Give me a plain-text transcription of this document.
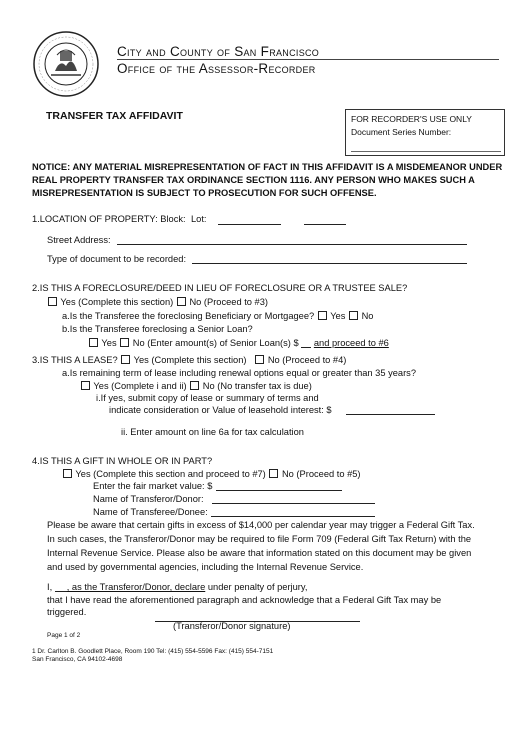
City and County of San Francisco
Office of the Assessor-Recorder
TRANSFER TAX AFFIDAVIT	FOR RECORDER'S USE ONLY
Document Series Number:
NOTICE: ANY MATERIAL MISREPRESENTATION OF FACT IN THIS AFFIDAVIT IS A MISDEMEANOR UNDER
REAL PROPERTY TRANSFER TAX ORDINANCE SECTION 1116. ANY PERSON WHO MAKES SUCH A
MISREPRESENTATION IS SUBJECT TO PROSECUTION FOR SUCH OFFENSE.
1.LOCATION OF PROPERTY: Block: Lot:
Street Address:
Type of document to be recorded:
2.IS THIS A FORECLOSURE/DEED IN LIEU OF FORECLOSURE OR A TRUSTEE SALE?
Yes (Complete this section) No (Proceed to #3)
a.Is the Transferee the foreclosing Beneficiary or Mortgagee? Yes No
b.Is the Transferee foreclosing a Senior Loan?
Yes No (Enter amount(s) of Senior Loan(s) $ and proceed to #6
3.IS THIS A LEASE? Yes (Complete this section) No (Proceed to #4)
a.Is remaining term of lease including renewal options equal or greater than 35 years?
Yes (Complete i and ii) No (No transfer tax is due)
i.If yes, submit copy of lease or summary of terms and
indicate consideration or Value of leasehold interest: $
ii. Enter amount on line 6a for tax calculation
4.IS THIS A GIFT IN WHOLE OR IN PART?
Yes (Complete this section and proceed to #7) No (Proceed to #5)
Enter the fair market value: $
Name of Transferor/Donor:
Name of Transferee/Donee:
Please be aware that certain gifts in excess of $14,000 per calendar year may trigger a Federal Gift Tax.
In such cases, the Transferor/Donor may be required to file Form 709 (Federal Gift Tax Return) with the
Internal Revenue Service. Please also be aware that information stated on this document may be given
and used by governmental agencies, including the Internal Revenue Service.
I, , as the Transferor/Donor, declare under penalty of perjury,
that I have read the aforementioned paragraph and acknowledge that a Federal Gift Tax may be
triggered.
(Transferor/Donor signature)
Page 1 of 2
1 Dr. Carlton B. Goodlett Place, Room 190 Tel: (415) 554-5596 Fax: (415) 554-7151
San Francisco, CA 94102-4698
